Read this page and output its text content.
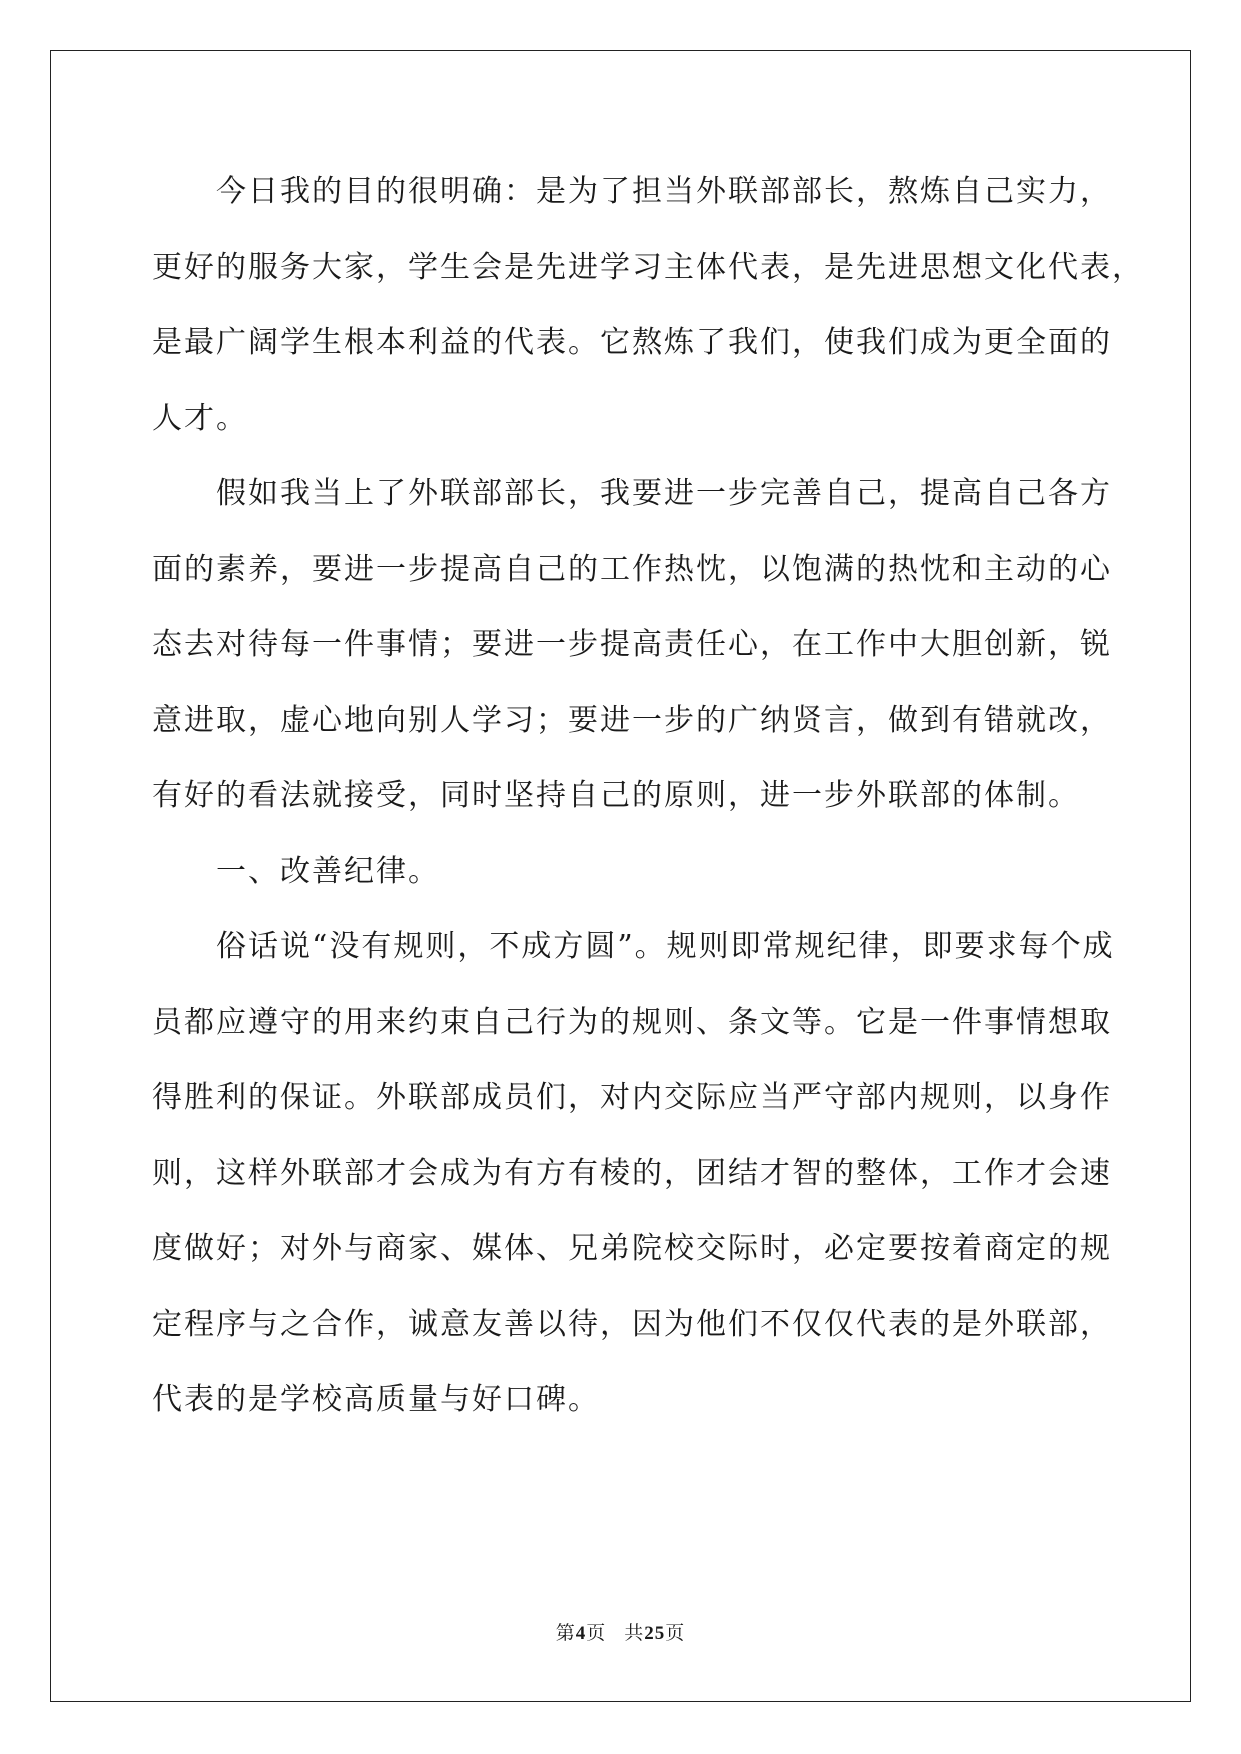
今日我的目的很明确：是为了担当外联部部长，熬炼自己实力，
更好的服务大家，学生会是先进学习主体代表，是先进思想文化代表，
是最广阔学生根本利益的代表。它熬炼了我们，使我们成为更全面的
人才。
假如我当上了外联部部长，我要进一步完善自己，提高自己各方
面的素养，要进一步提高自己的工作热忱，以饱满的热忱和主动的心
态去对待每一件事情；要进一步提高责任心，在工作中大胆创新，锐
意进取，虚心地向别人学习；要进一步的广纳贤言，做到有错就改，
有好的看法就接受，同时坚持自己的原则，进一步外联部的体制。
一、改善纪律。
俗话说“没有规则，不成方圆”。规则即常规纪律，即要求每个成
员都应遵守的用来约束自己行为的规则、条文等。它是一件事情想取
得胜利的保证。外联部成员们，对内交际应当严守部内规则，以身作
则，这样外联部才会成为有方有棱的，团结才智的整体，工作才会速
度做好；对外与商家、媒体、兄弟院校交际时，必定要按着商定的规
定程序与之合作，诚意友善以待，因为他们不仅仅代表的是外联部，
代表的是学校高质量与好口碑。
第4页 共25页
